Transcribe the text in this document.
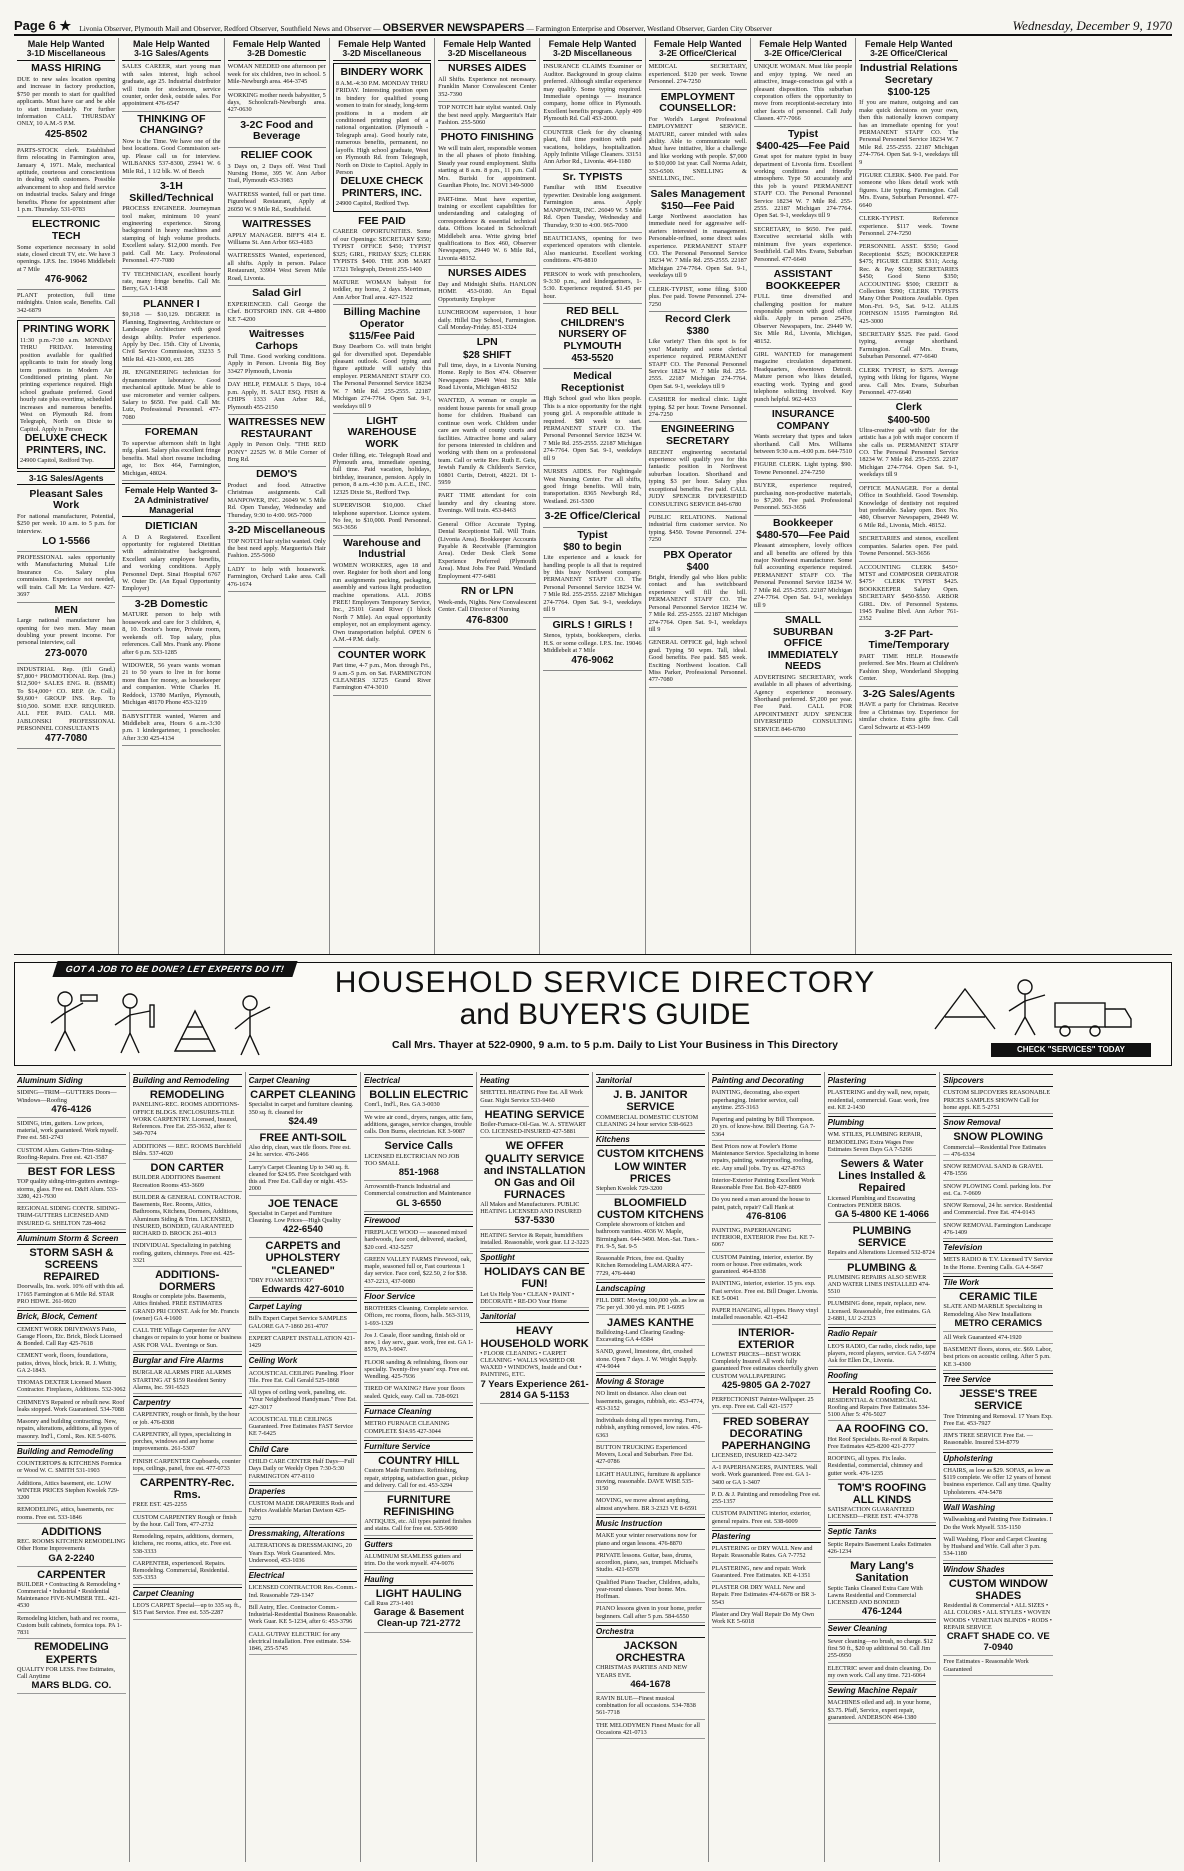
Page 6 ★ Livonia Observer, Plymouth Mail and Observer, Redford Observer, Southfield News and Observer — OBSERVER NEWSPAPERS — Farmington Enterprise and Observer, Westland Observer, Garden City Observer	Wednesday, December 9, 1970
Male Help Wanted
3-1D Miscellaneous
MASS HIRING
DUE to new sales location opening and increase in factory production, $750 per month to start for qualified applicants. Must have car and be able to start immediately. For further information CALL THURSDAY ONLY, 10 A.M.-5 P.M.
425-8502
PARTS-STOCK clerk. Established firm relocating in Farmington area, January 4, 1971. Male, mechanical aptitude, courteous and conscientious in dealing with customers. Possible advancement to shop and field service on industrial trucks. Salary and fringe benefits. Phone for appointment after 1 p.m. Thursday. 531-0783
ELECTRONIC TECH
Some experience necessary in solid state, closed circuit TV, etc. We have 3 openings. I.P.S. Inc. 19046 Middlebelt at 7 Mile
476-9062
PLANT protection, full time midnights. Union scale, Benefits. Call 342-6879
PRINTING WORK
11:30 p.m.-7:30 a.m. MONDAY THRU FRIDAY. Interesting position available for qualified applicants to train for steady long term positions in Modern Air Conditioned printing plant. No printing experience required. High school graduate preferred. Good hourly rate plus overtime, scheduled increases and numerous benefits. West on Plymouth Rd. from Telegraph, North on Dixie to Capitol. Apply in Person
DELUXE CHECK PRINTERS, INC.
24900 Capitol, Redford Twp.
3-1G Sales/Agents
Pleasant Sales Work
For national manufacturer, Potential, $250 per week. 10 a.m. to 5 p.m. for interview.
LO 1-5566
PROFESSIONAL sales opportunity with Manufacturing Mutual Life Insurance Co. Salary plus commission. Experience not needed, will train. Call Mr. La Verdure. 427-3697
MEN
Large national manufacturer has opening for two men. May mean doubling your present income. For personal interview, call
273-0070
INDUSTRIAL Rep. (Eli Grad.) $7,800+ PROMOTIONAL Rep. (Ins.) $12,500+ SALES ENG. R. (BSME) To $14,000+ CO. REP. (Jr. Coll.) $9,600+ GROUP INS. Rep. To $10,500. SOME EXP. REQUIRED. ALL FEE PAID. CALL MR. JABLONSKI PROFESSIONAL PERSONNEL CONSULTANTS
477-7080
Male Help Wanted
3-1G Sales/Agents
SALES CAREER, start young man with sales interest, high school graduate, age 25. Industrial distributor will train for stockroom, service counter, order desk, outside sales. For appointment 476-6547
THINKING OF CHANGING?
Now is the Time. We have one of the best locations. Good Commission set-up. Please call us for interview. WILBANKS 537-8300, 25941 W. 6 Mile Rd., 1 1/2 blk. W. of Beech
3-1H Skilled/Technical
PROCESS ENGINEER. Journeyman tool maker, minimum 10 years' engineering experience. Strong background in heavy machines and stamping of high volume products. Excellent salary. $12,000 month. Fee paid. Call Mr. Lacy. Professional Personnel. 477-7080
TV TECHNICIAN, excellent hourly rate, many fringe benefits. Call Mr. Berry, GA 1-1438
PLANNER I
$9,318 — $10,129. DEGREE in Planning, Engineering, Architecture or Landscape Architecture with good design ability. Prefer experience. Apply by Dec. 15th. City of Livonia, Civil Service Commission, 33233 5 Mile Rd. 421-3000, ext. 285
JR. ENGINEERING technician for dynamometer laboratory. Good mechanical aptitude. Must be able to use micrometer and vernier calipers. Salary to $650. Fee paid. Call Mr. Lutz, Professional Personnel. 477-7080
FOREMAN
To supervise afternoon shift in light mfg. plant. Salary plus excellent fringe benefits. Mail short resume including age, to: Box 464, Farmington, Michigan, 48024.
Female Help Wanted 3-2A Administrative/ Managerial
DIETICIAN
A D A Registered. Excellent opportunity for registered Dietitian with administrative background. Excellent salary employee benefits, and working conditions. Apply Personnel Dept. Sinai Hospital 6767 W. Outer Dr. (An Equal Opportunity Employer)
3-2B Domestic
MATURE person to help with housework and care for 3 children, 4, 8, 10. Doctor's home, Private room, weekends off. Top salary, plus references. Call Mrs. Frank any. Phone after 6 p.m. 533-1285
WIDOWER, 56 years wants woman 21 to 50 years to live in for home more than for money, as housekeeper and companion. Write Charles H. Reddock, 13780 Marilyn, Plymouth, Michigan 48170 Phone 453-3219
BABYSITTER wanted, Warren and Middlebelt area, Hours 6 a.m.-3:30 p.m. 1 kindergartener, 1 preschooler. After 3:30 425-4134
Female Help Wanted
3-2B Domestic
WOMAN NEEDED one afternoon per week for six children, two in school. 5 Mile-Newburgh area. 464-3745
WORKING mother needs babysitter, 5 days, Schoolcraft-Newburgh area. 427-0630
3-2C Food and Beverage
RELIEF COOK
3 Days on, 2 Days off. West Trail Nursing Home, 395 W. Ann Arbor Trail, Plymouth 453-3983
WAITRESS wanted, full or part time. Figurehead Restaurant, Apply at 26050 W. 9 Mile Rd., Southfield.
WAITRESSES
APPLY MANAGER. BIFF'S 414 E. Williams St. Ann Arbor 663-4183
WAITRESSES Wanted, experienced, all shifts. Apply in person. Palace Restaurant, 33904 West Seven Mile Road, Livonia.
Salad Girl
EXPERIENCED. Call George the Chef. BOTSFORD INN. GR 4-4800 KE 7-4200
Waitresses Carhops
Full Time. Good working conditions. Apply in Person. Livonia Big Boy 33427 Plymouth, Livonia
DAY HELP, FEMALE 5 Days, 10-4 p.m. Apply, H. SALT ESQ. FISH & CHIPS 1333 Ann Arbor Rd., Plymouth 455-2150
WAITRESSES NEW RESTAURANT
Apply in Person Only. "THE RED PONY" 22525 W. 8 Mile Corner of Brrg Rd.
DEMO'S
Product and food. Attractive Christmas assignments. Call MANPOWER, INC. 26049 W. 5 Mile Rd. Open Tuesday, Wednesday and Thursday, 9:30 to 4:00. 965-7000
3-2D Miscellaneous
TOP NOTCH hair stylist wanted. Only the best need apply. Marguerita's Hair Fashion. 255-5060
LADY to help with housework. Farmington, Orchard Lake area. Call 476-1674
Female Help Wanted
3-2D Miscellaneous
BINDERY WORK
8 A.M.-4:30 P.M. MONDAY THRU FRIDAY. Interesting position open in bindery for qualified young women to train for steady, long-term positions in a modern air conditioned printing plant of a national organization. (Plymouth - Telegraph area). Good hourly rate, numerous benefits, permanent, no layoffs. High school graduate, West on Plymouth Rd. from Telegraph, North on Dixie to Capitol. Apply in Person
DELUXE CHECK PRINTERS, INC.
24900 Capitol, Redford Twp.
FEE PAID
CAREER OPPORTUNITIES. Some of our Openings: SECRETARY $350; TYPIST OFFICE $450; TYPIST $325; GIRL, FRIDAY $325; CLERK TYPISTS $400. THE JOB MART 17321 Telegraph, Detroit 255-1400
MATURE WOMAN babysit for toddler, my home, 2 days. Merriman, Ann Arbor Trail area. 427-1522
Billing Machine Operator
$115/Fee Paid
Busy Dearborn Co. will train bright gal for diversified spot. Dependable pleasant outlook. Good typing and figure aptitude will satisfy this employer. PERMANENT STAFF CO. The Personal Personnel Service 18234 W. 7 Mile Rd. 255-2555. 22187 Michigan 274-7764. Open Sat. 9-1, weekdays till 9
LIGHT WAREHOUSE WORK
Order filling, etc. Telegraph Road and Plymouth area, immediate opening, full time. Paid vacation, holidays, birthday, insurance, pension. Apply in person, 8 a.m.-4:30 p.m. A.C.E., INC. 12325 Dixie St., Redford Twp.
SUPERVISOR $10,000. Chief telephone supervisor. Licence system. No fee, to $10,000. Pontl Personnel. 563-3656
Warehouse and Industrial
WOMEN WORKERS, ages 18 and over. Register for both short and long run assignments packing, packaging, assembly and various light production machine operations. ALL JOBS FREE! Employers Temporary Service, Inc., 25101 Grand River (1 block North 7 Mile). An equal opportunity employer, not an employment agency. Own transportation helpful. OPEN 6 A.M.-4 P.M. daily.
COUNTER WORK
Part time, 4-7 p.m., Mon. through Fri., 9 a.m.-5 p.m. on Sat. FARMINGTON CLEANERS 32725 Grand River Farmington 474-3010
Female Help Wanted
3-2D Miscellaneous
NURSES AIDES
All Shifts. Experience not necessary. Franklin Manor Convalescent Center 352-7390
TOP NOTCH hair stylist wanted. Only the best need apply. Marguerita's Hair Fashion. 255-5060
PHOTO FINISHING
We will train alert, responsible women in the all phases of photo finishing. Steady year round employment. Shifts starting at 8 a.m. 8 p.m., 11 p.m. Call Mrs. Buriski for appointment. Guardian Photo, Inc. NOVI 349-5000
PART-time. Must have expertise, training or excellent capabilities for understanding and cataloging of correspondence & essential technical data. Offices located in Schoolcraft Middlebelt area. Write giving brief qualifications to Box 460, Observer Newspapers, 29449 W. 6 Mile Rd., Livonia 48152.
NURSES AIDES
Day and Midnight Shifts. HANLON HOME 453-0180. An Equal Opportunity Employer
LUNCHROOM supervision, 1 hour daily. Hillel Day School, Farmington. Call Monday-Friday. 851-3324
LPN
$28 SHIFT
Full time, days, in a Livonia Nursing Home. Reply to Box 474. Observer Newspapers 29449 West Six Mile Road Livonia, Michigan 48152
WANTED, A woman or couple as resident house parents for small group home for children. Husband can continue own work. Children under care are wards of county courts and facilities. Attractive home and salary for persons interested in children and working with them on a professional team. Call or write Rev. Ruth E. Geis, Jewish Family & Children's Service, 10801 Curtis, Detroit, 48221. DI 1-5959
PART TIME attendant for coin laundry and dry cleaning store. Evenings. Will train. 453-8463
General Office Accurate Typing. Dental Receptionist Tall. Will Train. (Livonia Area). Bookkeeper Accounts Payable & Receivable (Farmington Area). Order Desk Clerk Some Experience Preferred (Plymouth Area). Must Jobs Fee Paid. Westland Employment 477-6481
RN or LPN
Week-ends, Nights. New Convalescent Center. Call Director of Nursing
476-8300
Female Help Wanted
3-2D Miscellaneous
INSURANCE CLAIMS Examiner or Auditor. Background in group claims preferred. Although similar experience may qualify. Some typing required. Immediate openings — insurance company, home office in Plymouth. Excellent benefits program. Apply 409 Plymouth Rd. Call 453-2000.
COUNTER Clerk for dry cleaning plant, full time position with paid vacations, holidays, hospitalization. Apply Infinite Village Cleaners. 33151 Ann Arbor Rd., Livonia. 464-1180
Sr. TYPISTS
Familiar with IBM Executive typewriter. Desirable long assignment. Farmington area. Apply MANPOWER, INC. 26049 W. 5 Mile Rd. Open Tuesday, Wednesday and Thursday, 9:30 to 4:00. 965-7000
BEAUTICIANS, opening for two experienced operators with clientele. Also manicurist. Excellent working conditions. 476-8810
PERSON to work with preschoolers, 9-3:30 p.m., and kindergartners, 1-5:30. Experience required. $1.45 per hour.
RED BELL CHILDREN'S NURSERY OF PLYMOUTH
453-5520
Medical Receptionist
High School grad who likes people. This is a nice opportunity for the right young girl. A responsible attitude is required. $80 week to start. PERMANENT STAFF CO. The Personal Personnel Service 18234 W. 7 Mile Rd. 255-2555. 22187 Michigan 274-7764. Open Sat. 9-1, weekdays till 9
NURSES AIDES. For Nightingale West Nursing Center. For all shifts, good fringe benefits. Will train, transportation. 8365 Newburgh Rd., Westland. 261-5300
3-2E Office/Clerical
Typist
$80 to begin
Lite experience and a knack for handling people is all that is required by this busy Northwest company. PERMANENT STAFF CO. The Personal Personnel Service 18234 W. 7 Mile Rd. 255-2555. 22187 Michigan 274-7764. Open Sat. 9-1, weekdays till 9
GIRLS ! GIRLS !
Stenos, typists, bookkeepers, clerks. H.S. or some college. I.P.S. Inc. 19046 Middlebelt at 7 Mile
476-9062
Female Help Wanted
3-2E Office/Clerical
MEDICAL SECRETARY, experienced. $120 per week. Towne Personnel. 274-7250
EMPLOYMENT COUNSELLOR:
For World's Largest Professional EMPLOYMENT SERVICE. MATURE, career minded with sales ability. Able to communicate well. Must have initiative, like a challenge and like working with people. $7,000 to $10,000 1st year. Call Norma Adair, 353-6500. SNELLING & SNELLING, INC.
Sales Management
$150—Fee Paid
Large Northwest association has immediate need for aggressive self-starters interested in management. Personable-refined, some direct sales experience. PERMANENT STAFF CO. The Personal Personnel Service 18234 W. 7 Mile Rd. 255-2555. 22187 Michigan 274-7764. Open Sat. 9-1, weekdays till 9
CLERK-TYPIST, some filing. $100 plus. Fee paid. Towne Personnel. 274-7250
Record Clerk
$380
Like variety? Then this spot is for you! Maturity and some clerical experience required. PERMANENT STAFF CO. The Personal Personnel Service 18234 W. 7 Mile Rd. 255-2555. 22187 Michigan 274-7764. Open Sat. 9-1, weekdays till 9
CASHIER for medical clinic. Light typing. $2 per hour. Towne Personnel. 274-7250
ENGINEERING SECRETARY
RECENT engineering secretarial experience will qualify you for this fantastic position in Northwest suburban location. Shorthand and typing $3 per hour. Salary plus exceptional benefits. Fee paid. CALL JUDY SPENCER DIVERSIFIED CONSULTING SERVICE 846-6780
PUBLIC RELATIONS. National industrial firm customer service. No typing. $450. Towne Personnel. 274-7250
PBX Operator
$400
Bright, friendly gal who likes public contact and has switchboard experience will fill the bill. PERMANENT STAFF CO. The Personal Personnel Service 18234 W. 7 Mile Rd. 255-2555. 22187 Michigan 274-7764. Open Sat. 9-1, weekdays till 9
GENERAL OFFICE gal, high school grad. Typing 50 wpm. Tall, ideal. Good benefits. Fee paid. $85 week. Exciting Northwest location. Call Miss Parker, Professional Personnel. 477-7080
Female Help Wanted
3-2E Office/Clerical
UNIQUE WOMAN. Must like people and enjoy typing. We need an attractive, image-conscious gal with a pleasant disposition. This suburban corporation offers the opportunity to move from receptionist-secretary into other facets of personnel. Call Judy Classen. 477-7066
Typist
$400-425—Fee Paid
Great spot for mature typist in busy department of Livonia firm. Excellent working conditions and friendly atmosphere. Type 50 accurately and this job is yours! PERMANENT STAFF CO. The Personal Personnel Service 18234 W. 7 Mile Rd. 255-2555. 22187 Michigan 274-7764. Open Sat. 9-1, weekdays till 9
SECRETARY, to $650. Fee paid. Executive secretarial skills with minimum five years experience. Southfield. Call Mrs. Evans, Suburban Personnel. 477-6640
ASSISTANT BOOKKEEPER
FULL time diversified and challenging position for mature responsible person with good office skills. Apply in person 25476, Observer Newspapers, Inc. 29449 W. Six Mile Rd., Livonia, Michigan, 48152.
GIRL WANTED for management magazine circulation department. Headquarters, downtown Detroit. Mature person who likes detailed, exacting work. Typing and good telephone soliciting involved. Key punch helpful. 962-4433
INSURANCE COMPANY
Wants secretary that types and takes shorthand. Call Mrs. Williams between 9:30 a.m.-4:00 p.m. 644-7510
FIGURE CLERK. Light typing. $90. Towne Personnel. 274-7250
BUYER, experience required, purchasing non-productive materials, to $7,200. Fee paid. Professional Personnel. 563-3656
Bookkeeper
$480-570—Fee Paid
Pleasant atmosphere, lovely offices and all benefits are offered by this major Northwest manufacturer. Some full accounting experience required. PERMANENT STAFF CO. The Personal Personnel Service 18234 W. 7 Mile Rd. 255-2555. 22187 Michigan 274-7764. Open Sat. 9-1, weekdays till 9
SMALL SUBURBAN OFFICE IMMEDIATELY NEEDS
ADVERTISING SECRETARY, work available in all phases of advertising. Agency experience necessary. Shorthand preferred. $7,200 per year. Fee Paid. CALL FOR APPOINTMENT JUDY SPENCER DIVERSIFIED CONSULTING SERVICE 846-6780
Female Help Wanted
3-2E Office/Clerical
Industrial Relations Secretary
$100-125
If you are mature, outgoing and can make quick decisions on your own, then this nationally known company has an immediate opening for you! PERMANENT STAFF CO. The Personal Personnel Service 18234 W. 7 Mile Rd. 255-2555. 22187 Michigan 274-7764. Open Sat. 9-1, weekdays till 9
FIGURE CLERK. $400. Fee paid. For someone who likes detail work with figures. Lite typing. Farmington. Call Mrs. Evans, Suburban Personnel. 477-6640
CLERK-TYPIST. Reference experience. $117 week. Towne Personnel. 274-7250
PERSONNEL ASST. $550; Good Receptionist $525; BOOKKEEPER $475; FIGURE CLERK $311; Acctg. Rec. & Pay $500; SECRETARIES $450; Good Steno $350; ACCOUNTING $500; CREDIT & Collection $390; CLERK TYPISTS Many Other Positions Available. Open Mon.-Fri. 9-5, Sat. 9-12. ALLIS JOHNSON 15195 Farmington Rd. 425-3000
SECRETARY $525. Fee paid. Good typing, average shorthand. Farmington. Call Mrs. Evans, Suburban Personnel. 477-6640
CLERK TYPIST, to $375. Average typing with liking for figures, Wayne area. Call Mrs. Evans, Suburban Personnel. 477-6640
Clerk
$400-500
Ultra-creative gal with flair for the artistic has a job with major concern if she calls us. PERMANENT STAFF CO. The Personal Personnel Service 18234 W. 7 Mile Rd. 255-2555. 22187 Michigan 274-7764. Open Sat. 9-1, weekdays till 9
OFFICE MANAGER. For a dental Office in Southfield. Good Township. Knowledge of dentistry not required but preferable. Salary open. Box No. 480, Observer Newspapers, 29449 W. 6 Mile Rd., Livonia, Mich. 48152.
SECRETARIES and stenos, excellent companies. Salaries open. Fee paid. Towne Personnel. 563-3656
ACCOUNTING CLERK $450+ MTST and COMPOSER OPERATOR $475+ CLERK TYPIST $425. BOOKKEEPER Salary Open. SECRETARY $450-$550. ARBOR GIRL. Div. of Personnel Systems. 1945 Pauline Blvd. Ann Arbor 761-2352
3-2F Part-Time/Temporary
PART TIME HELP. Housewife preferred. See Mrs. Hearn at Children's Fashion Shop, Wonderland Shopping Center.
3-2G Sales/Agents
HAVE a party for Christmas. Receive free a Christmas toy. Experience for similar choice. Extra gifts free. Call Carol Schwartz at 453-1499
GOT A JOB TO BE DONE? LET EXPERTS DO IT!	HOUSEHOLD SERVICE DIRECTORY
and BUYER'S GUIDE
Call Mrs. Thayer at 522-0900, 9 a.m. to 5 p.m. Daily to List Your Business in This Directory	CHECK "SERVICES" TODAY
Aluminum Siding
SIDING—TRIM—GUTTERS Doors—Windows—Roofing
476-4126
SIDING, trim, gutters. Low prices, material, work guaranteed. Work myself. Free est. 581-2743
CUSTOM Alum. Gutters-Trim-Siding-Roofing-Repairs. Free est. 421-3587
BEST FOR LESS
TOP quality siding-trim-gutters awnings-storms, glass. Free est. D&H Alum. 533-3280, 421-7930
REGIONAL SIDING CONTR. SIDING-TRIM-GUTTERS LICENSED AND INSURED G. SHELTON 728-4062
Aluminum Storm & Screen
STORM SASH & SCREENS REPAIRED
Doorwalls, Ins. work. 10% off with this ad. 17165 Farmington at 6 Mile Rd. STAR PRO HDWE. 261-9920
Brick, Block, Cement
CEMENT WORK DRIVEWAYS Patio, Garage Floors, Etc. Brick, Block Licensed & Bonded. Call Ray 425-7618
CEMENT work, floors, foundations, patios, drives, block, brick. R. J. Whitty, GA 2-1843.
THOMAS DEXTER Licensed Mason Contractor. Fireplaces, Additions. 532-3062
CHIMNEYS Repaired or rebuilt new. Roof leaks stopped. Work Guaranteed. 534-7088
Masonry and building contracting. New, repairs, alterations, additions, all types of masonry. Ind'l., Coml., Res. KE 5-6076.
Building and Remodeling
COUNTERTOPS & KITCHENS Formica or Wood W. C. SMITH 531-1903
Additions, Attics basement, etc. LOW WINTER PRICES Stephen Kwolek 729-3200
REMODELING, attics, basements, rec rooms. Free est. 533-1846
ADDITIONS
REC. ROOMS KITCHEN REMODELING Other Home Improvements
GA 2-2240
CARPENTER
BUILDER • Contracting & Remodeling • Commercial • Industrial • Residential Maintenance FIVE-NUMBER TEL. 421-4530
Remodeling kitchen, bath and rec rooms, Custom built cabinets, formica tops. PA 1-7831
REMODELING EXPERTS
QUALITY FOR LESS. Free Estimates, Call Anytime
MARS BLDG. CO.
Building and Remodeling
REMODELING
PANELING-REC. ROOMS ADDITIONS-OFFICE BLDGS. ENCLOSURES-TILE WORK CARPENTRY. Licensed, Insured, References. Free Est. 255-3632, after 6: 349-7074
ADDITIONS — REC. ROOMS Burchfield Bldrs. 537-4020
DON CARTER
BUILDER ADDITIONS Basement Recreation Rooms 453-3609
BUILDER & GENERAL CONTRACTOR. Basements, Rec. Rooms, Attics, Bathrooms, Kitchens, Dormers, Additions, Aluminum Siding & Trim. LICENSED, INSURED, BONDED, GUARANTEED RICHARD D. BROCK 261-4013
INDIVIDUAL Specializing in patching roofing, gutters, chimneys. Free est. 425-3321
ADDITIONS-DORMERS
Roughs or complete jobs. Basements, Attics finished. FREE ESTIMATES GRAND PRI CONST. Ask for Mr. Francis (owner) GA 4-1600
CALL THE Village Carpenter for ANY changes or repairs to your home or business ASK FOR VAL. Evenings or Sun.
Burglar and Fire Alarms
BURGLAR ALARMS FIRE ALARMS STARTING AT $159 Resident Sentry Alarms, Inc. 591-6523
Carpentry
CARPENTRY, rough or finish, by the hour or job. 476-8308
CARPENTRY, all types, specializing in porches, windows and any home improvements. 261-5307
FINISH CARPENTER Cupboards, counter tops, ceilings, panel, free est. 477-0733
CARPENTRY-Rec. Rms.
FREE EST. 425-2255
CUSTOM CARPENTRY Rough or finish by the hour. Call Tom, 477-2732
Remodeling, repairs, additions, dormers, kitchens, rec rooms, attics, etc. Free est. 538-3333
CARPENTER, experienced. Repairs. Remodeling. Commercial, Residential. 535-3353
Carpet Cleaning
LEO'S CARPET Special—up to 335 sq. ft., $15 Fast Service. Free est. 535-2287
Carpet Cleaning
CARPET CLEANING
Specialist in carpet and furniture cleaning. 350 sq. ft. cleaned for
$24.49
FREE ANTI-SOIL
Also drip, clean, wax tile floors. Free est. 24 hr. service. 476-2466
Larry's Carpet Cleaning Up to 340 sq. ft. cleaned for $24.95. Free Scotchgard with this ad. Free Est. Call day or night. 453-2000
JOE TENACE
Specialist in Carpet and Furniture Cleaning. Low Prices—High Quality
422-6540
CARPETS and UPHOLSTERY "CLEANED"
"DRY FOAM METHOD"
Edwards 427-6010
Carpet Laying
Bill's Expert Carpet Service SAMPLES GALORE GA 7-1860 261-4707
EXPERT CARPET INSTALLATION 421-1429
Ceiling Work
ACOUSTICAL CEILING Paneling. Floor Tile. Free Est. Call Gerald 525-1868
All types of ceiling work, paneling, etc. "Your Neighborhood Handyman." Free Est. 427-3017
ACOUSTICAL TILE CEILINGS Guaranteed. Free Estimates FAST Service KE 7-6425
Child Care
CHILD CARE CENTER Half Days—Full Days Daily or Weekly Open 7:30-5:30 FARMINGTON 477-8110
Draperies
CUSTOM MADE DRAPERIES Rods and Fabrics Available Marian Davison 425-3270
Dressmaking, Alterations
ALTERATIONS & DRESSMAKING, 20 Years Exp. Work Guaranteed. Mrs. Underwood, 453-1036
Electrical
LICENSED CONTRACTOR Res.-Comm.-Ind. Reasonable 729-1347
Bill Autry, Elec. Contractor Comm.-Industrial-Residential Business Reasonable. Work Guar. KE 5-1234, after 6: 453-3796
CALL GUTPAY ELECTRIC for any electrical installation. Free estimate. 534-1846, 255-5745
Electrical
BOLLIN ELECTRIC
Com'l., Ind'l., Res. GA 3-0030
We wire air cond., dryers, ranges, attic fans, additions, garages, service changes, trouble calls. Don Burns, electrician. KE 3-9087
Service Calls
LICENSED ELECTRICIAN NO JOB TOO SMALL
851-1968
Arrowsmith-Francis Industrial and Commercial construction and Maintenance
GL 3-6550
Firewood
FIREPLACE WOOD — seasoned mixed hardwoods, face cord, delivered, stacked, $20 cord. 432-5257
GREEN VALLEY FARMS Firewood, oak, maple, seasoned full or, Fast courteous 1 day service. Face cord, $22.50, 2 for $38. 437-2213, 437-0080
Floor Service
BROTHERS Cleaning. Complete service. Offices, rec rooms, floors, halls. 563-3119, 1-693-1329
Jos J. Casale, floor sanding, finish old or new, 1 day serv., guar. work, free est. GA 1-8579, PA 3-9047.
FLOOR sanding & refinishing, floors our specialty. Twenty-five years' exp. Free est. Wendling. 425-7936
TIRED OF WAXING? Have your floors sealed. Quick, easy. Call us. 728-0921
Furnace Cleaning
METRO FURNACE CLEANING COMPLETE $14.95 427-3044
Furniture Service
COUNTRY HILL
Custom Made Furniture. Refinishing, repair, stripping, satisfaction guar., pickup and delivery. Call for est. 453-3294
FURNITURE REFINISHING
ANTIQUES, etc. All types painted finishes and stains. Call for free est. 535-9690
Gutters
ALUMINUM SEAMLESS gutters and trim. Do the work myself. 474-9076
Hauling
LIGHT HAULING
Call Russ 273-1401
Garage & Basement Clean-up 721-2772
Heating
SHETTEL HEATING Free Est. All Work Guar. Night Service 533-9460
HEATING SERVICE
Boiler-Furnace-Oil-Gas. W. A. STEWART CO. LICENSED-INSURED 427-5881
WE OFFER QUALITY SERVICE and INSTALLATION ON Gas and Oil FURNACES
All Makes and Manufacturers. PUBLIC HEATING LICENSED AND INSURED
537-5330
HEATING Service & Repair, humidifiers installed. Reasonable, work guar. LI 2-3223
Spotlight
HOLIDAYS CAN BE FUN!
Let Us Help You • CLEAN • PAINT • DECORATE • RE-DO Your Home
Janitorial
HEAVY HOUSEHOLD WORK
• FLOOR CLEANING • CARPET CLEANING • WALLS WASHED OR WAXED • WINDOWS, Inside and Out • PAINTING, ETC.
7 Years Experience 261-2814 GA 5-1153
Janitorial
J. B. JANITOR SERVICE
COMMERCIAL DOMESTIC CUSTOM CLEANING 24 hour service 538-6623
Kitchens
CUSTOM KITCHENS LOW WINTER PRICES
Stephen Kwolek 729-3200
BLOOMFIELD CUSTOM KITCHENS
Complete showroom of kitchen and bathroom vanities. 4036 W. Maple, Birmingham. 644-3490. Mon.-Sat. Tues.-Fri. 9-5, Sat. 9-5
Reasonable Prices, free est. Quality Kitchen Remodeling LAMARRA 477-7729, 476-4440
Landscaping
FILL DIRT. Moving 100,000 yds. as low as 75c per yd. 300 yd. min. PE 1-6095
JAMES KANTHE
Bulldozing-Land Clearing Grading-Excavating GA 4-6584
SAND, gravel, limestone, dirt, crushed stone. Open 7 days. J. W. Wright Supply. 474-9044
Moving & Storage
NO limit on distance. Also clean out basements, garages, rubbish, etc. 453-4774, 453-3152
Individuals doing all types moving. Furn., rubbish, anything removed, low rates. 476-6363
BUTTON TRUCKING Experienced Movers, Local and Suburban. Free Est. 427-0786
LIGHT HAULING, furniture & appliance moving, reasonable. DAVE WISE 535-3150
MOVING, we move almost anything, almost anywhere. BR 3-2323 VE 8-6591
Music Instruction
MAKE your winter reservations now for piano and organ lessons. 476-8870
PRIVATE lessons. Guitar, bass, drums, accordion, piano, sax, trumpet. Michael's Studio. 421-6578
Qualified Piano Teacher, Children, adults, year-round classes. Your home. Mrs. Hoffman.
PIANO lessons given in your home, prefer beginners. Call after 5 p.m. 584-6550
Orchestra
JACKSON ORCHESTRA
CHRISTMAS PARTIES AND NEW YEARS EVE.
464-1678
RAVIN BLUE—Finest musical combination for all occasions. 534-7838 561-7718
THE MELODYMEN Finest Music for all Occasions 421-0713
Painting and Decorating
PAINTING, decorating, also expert paperhanging. Interior service, call anytime. 255-3163
Papering and painting by Bill Thompson. 20 yrs. of know-how. Bill Deering. GA 7-5364
Best Prices now at Fowler's Home Maintenance Service. Specializing in home repairs, painting, waterproofing, roofing, etc. Any small jobs. Try us. 427-8763
Interior-Exterior Painting Excellent Work Reasonable Free Est. Bob 427-8809
Do you need a man around the house to paint, patch, repair? Call Hank at
476-8106
PAINTING, PAPERHANGING INTERIOR, EXTERIOR Free Est. KE 7-6067
CUSTOM Painting, interior, exterior. By room or house. Free estimates, work guaranteed. 464-8338
PAINTING, interior, exterior. 15 yrs. exp. Fast service. Free est. Bill Drager. Livonia. KE 5-0041
PAPER HANGING, all types. Heavy vinyl installed reasonable. 421-4542
INTERIOR-EXTERIOR
LOWEST PRICES—BEST WORK Completely Insured All work fully guaranteed Free estimates cheerfully given CUSTOM WALLPAPERING
425-9805 GA 2-7027
PERFECTIONIST Painter-Wallpaper. 25 yrs. exp. Free est. Call 421-1577
FRED SOBERAY DECORATING PAPERHANGING
LICENSED, INSURED 422-3472
A-1 PAPERHANGERS, PAINTERS. Wall work. Work guaranteed. Free est. GA 1-3400 or GA 1-3407
P. D. & J. Painting and remodeling Free est. 255-1357
CUSTOM PAINTING interior, exterior, general repairs. Free est. 538-6009
Plastering
PLASTERING or DRY WALL New and Repair. Reasonable Rates. GA 7-7752
PLASTERING, new and repair. Work Guaranteed. Free Estimates. KE 4-1351
PLASTER OR DRY WALL New and Repair. Free Estimates 474-6678 or BR 3-5543
Plaster and Dry Wall Repair Do My Own Work KE 5-6018
Plastering
PLASTERING and dry wall, new, repair, residential, commercial. Guar. work, free est. KE 2-1430
Plumbing
WM. STILES, PLUMBING REPAIR, REMODELING Extra Wages Free Estimates Seven Days GA 7-5266
Sewers & Water Lines Installed & Repaired
Licensed Plumbing and Excavating Contractors PENDER BROS.
GA 5-4800 KE 1-4066
PLUMBING SERVICE
Repairs and Alterations Licensed 532-8724
PLUMBING &
PLUMBING REPAIRS ALSO SEWER AND WATER LINES INSTALLED 474-5510
PLUMBING done, repair, replace, new. Licensed. Reasonable, free estimates. GA 2-6881, LU 2-2323
Radio Repair
LEO'S RADIO, Car radio, clock radio, tape players, record players, service. GA 7-6974 Ask for Ellen Dr., Livonia.
Roofing
Herald Roofing Co.
RESIDENTIAL & COMMERCIAL Roofing and Repairs Free Estimates 534-5100 After 5: 476-5027
AA ROOFING CO.
Hot Roof Specialists. Re-roof & Repairs. Free Estimates 425-8200 421-2777
ROOFING, all types. Fix leaks. Residential, commercial, chimney and gutter work. 476-1235
TOM'S ROOFING ALL KINDS
SATISFACTION GUARANTEED LICENSED—FREE EST. 474-3778
Septic Tanks
Septic Repairs Basement Leaks Estimates 426-1234
Mary Lang's Sanitation
Septic Tanks Cleaned Extra Care With Lawns Residential and Commercial LICENSED AND BONDED
476-1244
Sewer Cleaning
Sewer cleaning—no brush, no charge. $12 first 50 ft., $20 up additional 50. Call Jim 255-0950
ELECTRIC sewer and drain cleaning. Do my own work. Call any time. 721-6064
Sewing Machine Repair
MACHINES oiled and adj. in your home, $3.75. Pfaff, Service, expert repair, guaranteed. ANDERSON 464-1380
Slipcovers
CUSTOM SLIPCOVERS REASONABLE PRICES SAMPLES SHOWN Call for home appt. KE 5-2751
Snow Removal
SNOW PLOWING
Commercial—Residential Free Estimates — 476-6334
SNOW REMOVAL SAND & GRAVEL 478-1556
SNOW PLOWING Coml. parking lots. For est. Ca. 7-0609
SNOW Removal, 24 hr. service. Residential and Commercial. Free Est. 474-0143
SNOW REMOVAL Farmington Landscape 476-1409
Television
METS RADIO & T.V. Licensed TV Service In the Home. Evening Calls. GA 4-5647
Tile Work
CERAMIC TILE
SLATE AND MARBLE Specializing in Remodeling Also New Installations
METRO CERAMICS
All Work Guaranteed 474-1920
BASEMENT floors, stores, etc. $69. Labor, best prices on acoustic ceiling. After 5 p.m. KE 3-4300
Tree Service
JESSE'S TREE SERVICE
Tree Trimming and Removal. 17 Years Exp. Free Est. 453-7927
JIM'S TREE SERVICE Free Est. — Reasonable. Insured 534-8779
Upholstering
CHAIRS, as low as $29. SOFAS, as low as $119 complete. We offer 12 years of honest business experience. Call any time. Quality Upholsterers. 474-5478
Wall Washing
Wallwashing and Painting Free Estimates. I Do the Work Myself. 535-1150
Wall Washing, Floor and Carpet Cleaning by Husband and Wife. Call after 3 p.m. 534-1180
Window Shades
CUSTOM WINDOW SHADES
Residential & Commercial • ALL SIZES • ALL COLORS • ALL STYLES • WOVEN WOODS • VENETIAN BLINDS • RODS • REPAIR SERVICE
CRAFT SHADE CO. VE 7-0940
Free Estimates - Reasonable Work Guaranteed
